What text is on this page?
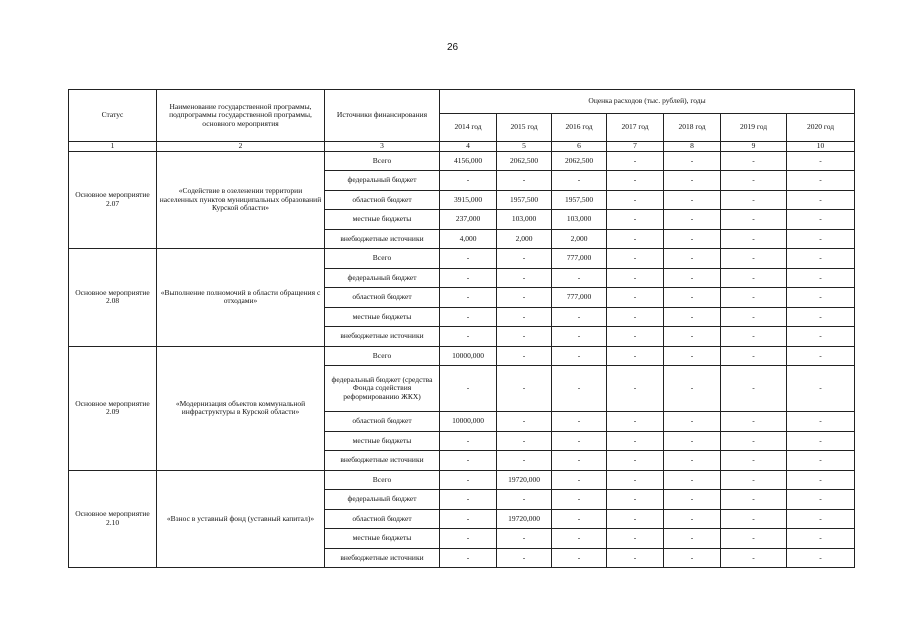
26
Статус	Наименование государственной программы, подпрограммы государственной программы, основного мероприятия	Источники финансирования	Оценка расходов (тыс. рублей), годы						
			2014 год	2015 год	2016 год	2017 год	2018 год	2019 год	2020 год
1	2	3	4	5	6	7	8	9	10
Основное мероприятие 2.07	«Содействие в озеленении территории населенных пунктов муниципальных образований Курской области»	Всего	4156,000	2062,500	2062,500	-	-	-	-
		федеральный бюджет	-	-	-	-	-	-	-
		областной бюджет	3915,000	1957,500	1957,500	-	-	-	-
		местные бюджеты	237,000	103,000	103,000	-	-	-	-
		внебюджетные источники	4,000	2,000	2,000	-	-	-	-
Основное мероприятие 2.08	«Выполнение полномочий в области обращения с отходами»	Всего	-	-	777,000	-	-	-	-
		федеральный бюджет	-	-	-	-	-	-	-
		областной бюджет	-	-	777,000	-	-	-	-
		местные бюджеты	-	-	-	-	-	-	-
		внебюджетные источники	-	-	-	-	-	-	-
Основное мероприятие 2.09	«Модернизация объектов коммунальной инфраструктуры в Курской области»	Всего	10000,000	-	-	-	-	-	-
		федеральный бюджет (средства Фонда содействия реформированию ЖКХ)	-	-	-	-	-	-	-
		областной бюджет	10000,000	-	-	-	-	-	-
		местные бюджеты	-	-	-	-	-	-	-
		внебюджетные источники	-	-	-	-	-	-	-
Основное мероприятие 2.10	«Взнос в уставный фонд (уставный капитал)»	Всего	-	19720,000	-	-	-	-	-
		федеральный бюджет	-	-	-	-	-	-	-
		областной бюджет	-	19720,000	-	-	-	-	-
		местные бюджеты	-	-	-	-	-	-	-
		внебюджетные источники	-	-	-	-	-	-	-
